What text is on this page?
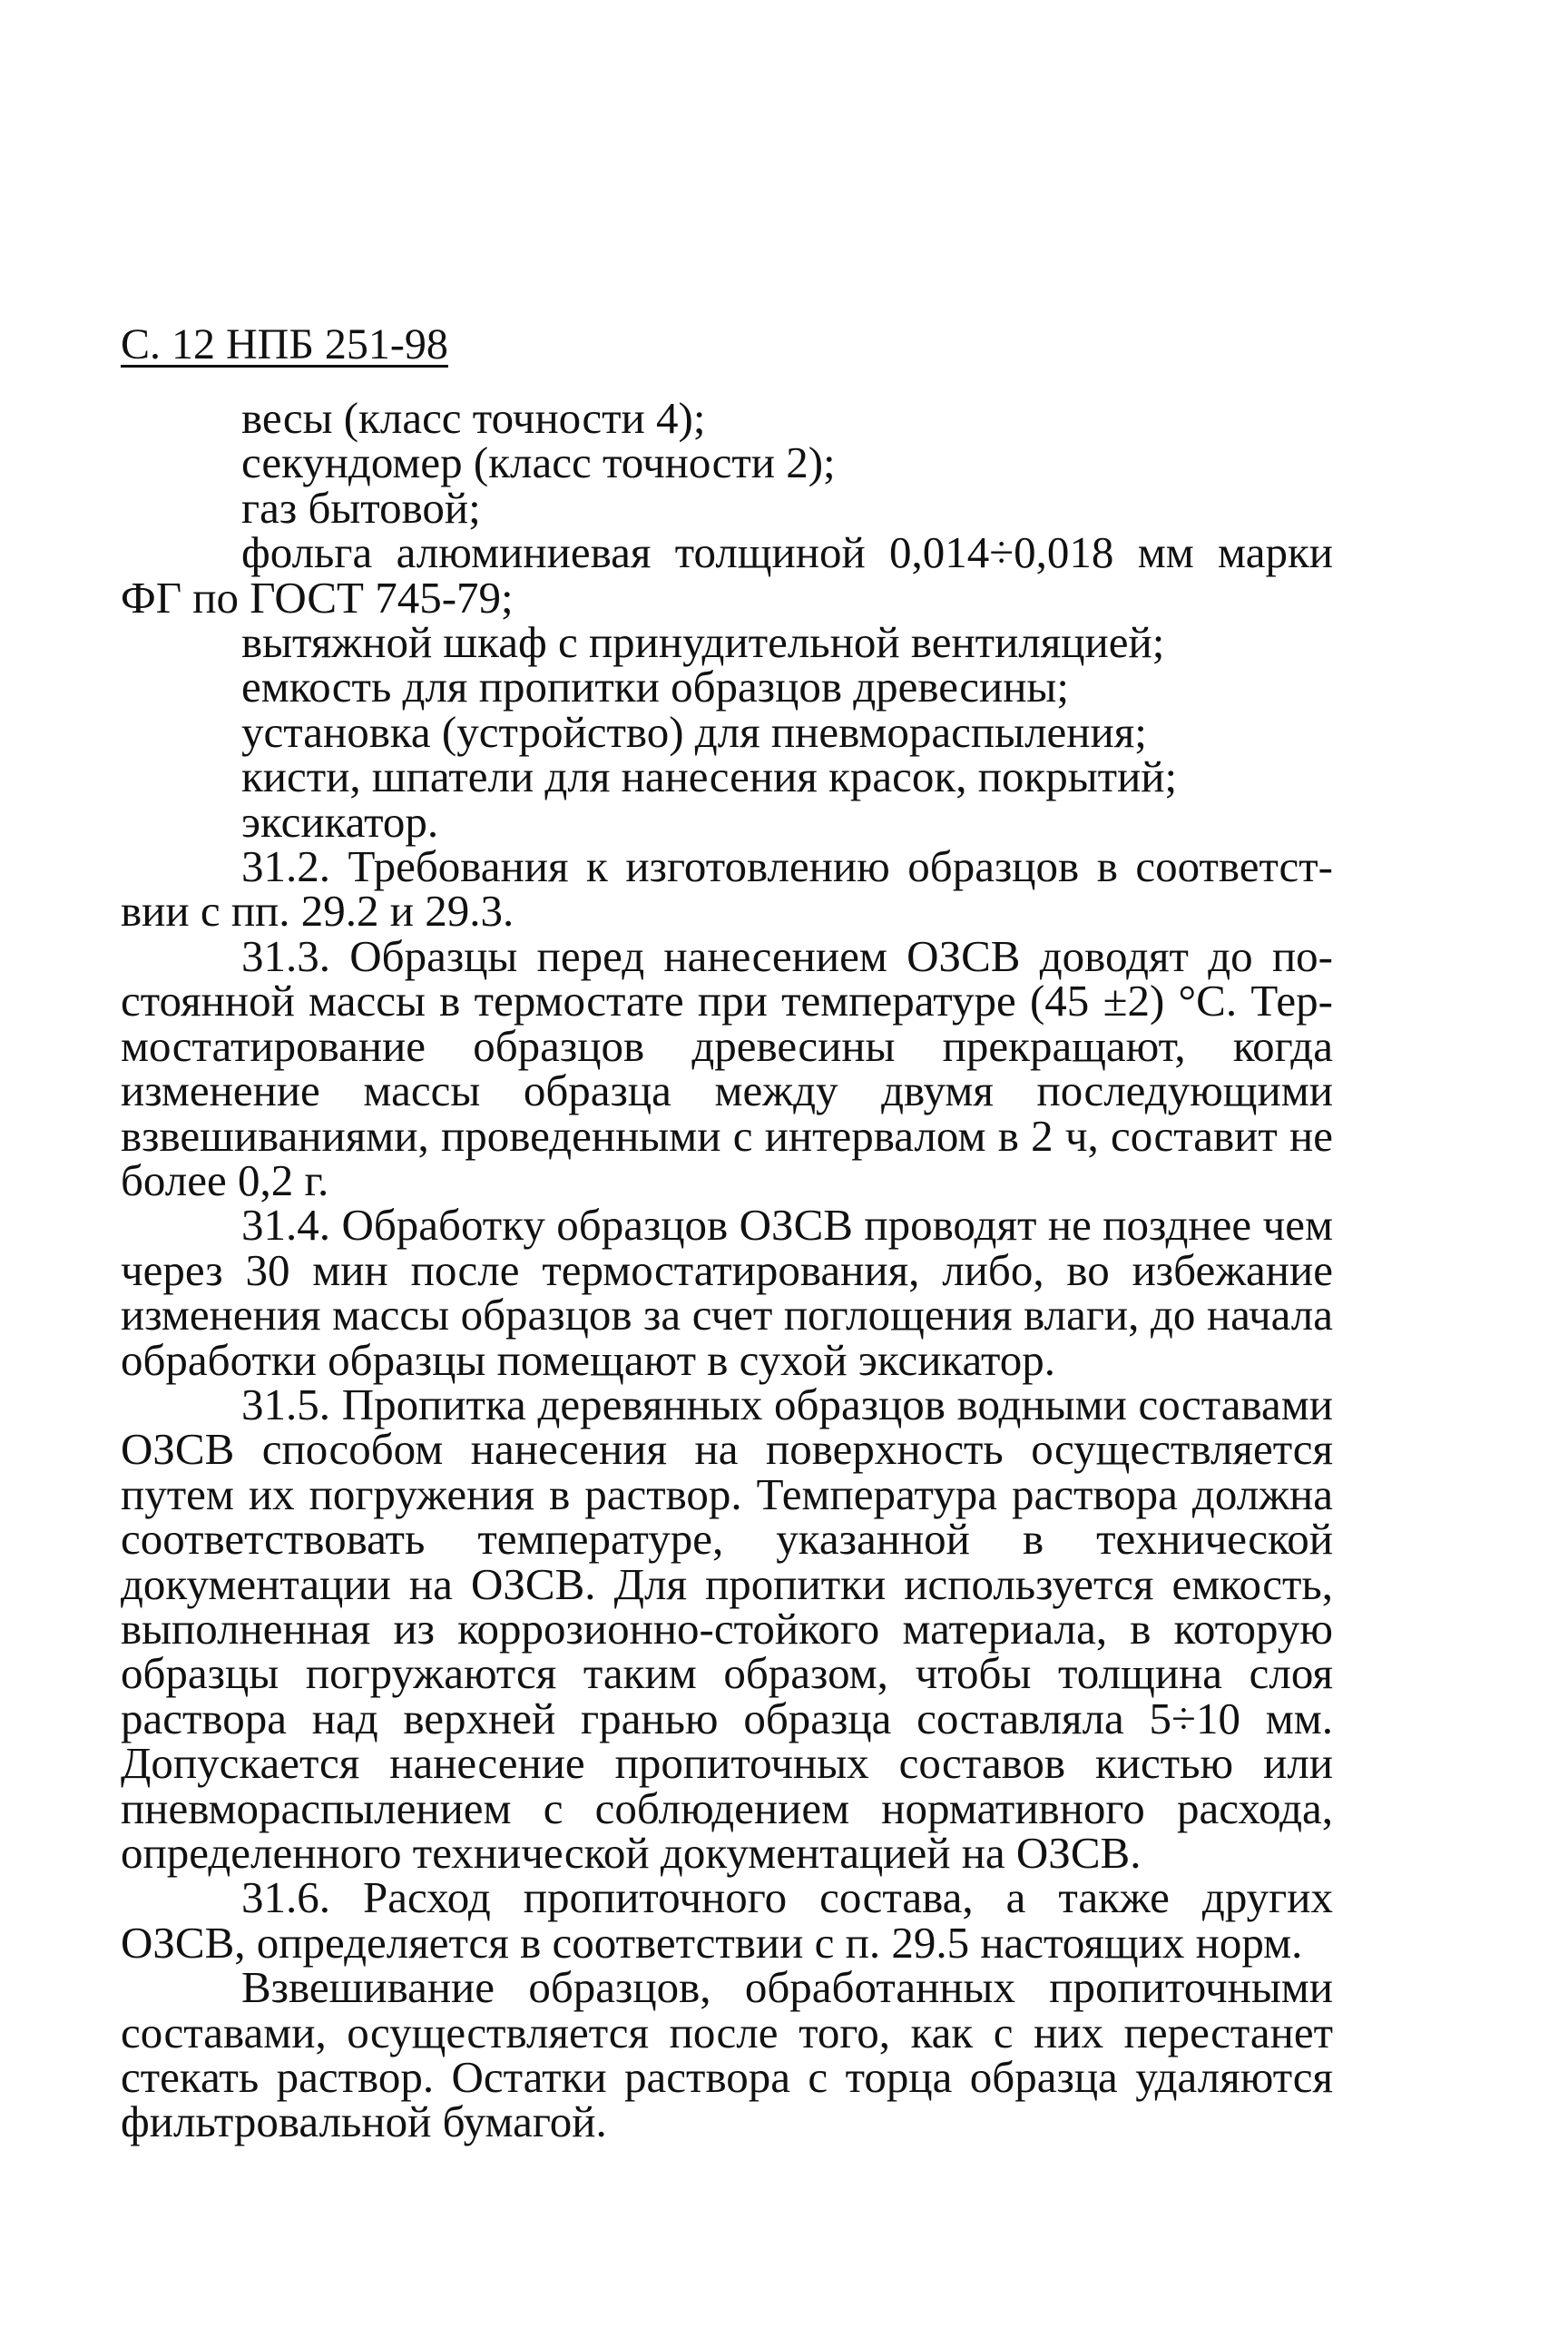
С. 12 НПБ 251-98

весы (класс точности 4);

секундомер (класс точности 2);

газ бытовой;

фольга алюминиевая толщиной 0,014÷0,018 мм марки ФГ по ГОСТ 745-79;

вытяжной шкаф с принудительной вентиляцией;

емкость для пропитки образцов древесины;

установка (устройство) для пневмораспыления;

кисти, шпатели для нанесения красок, покрытий;

эксикатор.

31.2. Требования к изготовлению образцов в соответствии с пп. 29.2 и 29.3.

31.3. Образцы перед нанесением ОЗСВ доводят до постоянной массы в термостате при температуре (45 ±2) °С. Термостатирование образцов древесины прекращают, когда изменение массы образца между двумя последующими взвешиваниями, проведенными с интервалом в 2 ч, составит не более 0,2 г.

31.4. Обработку образцов ОЗСВ проводят не позднее чем через 30 мин после термостатирования, либо, во избежание изменения массы образцов за счет поглощения влаги, до начала обработки образцы помещают в сухой эксикатор.

31.5. Пропитка деревянных образцов водными составами ОЗСВ способом нанесения на поверхность осуществляется путем их погружения в раствор. Температура раствора должна соответствовать температуре, указанной в технической документации на ОЗСВ. Для пропитки используется емкость, выполненная из коррозионно-стойкого материала, в которую образцы погружаются таким образом, чтобы толщина слоя раствора над верхней гранью образца составляла 5÷10 мм. Допускается нанесение пропиточных составов кистью или пневмораспылением с соблюдением нормативного расхода, определенного технической документацией на ОЗСВ.

31.6. Расход пропиточного состава, а также других ОЗСВ, определяется в соответствии с п. 29.5 настоящих норм.

Взвешивание образцов, обработанных пропиточными составами, осуществляется после того, как с них перестанет стекать раствор. Остатки раствора с торца образца удаляются фильтровальной бумагой.
